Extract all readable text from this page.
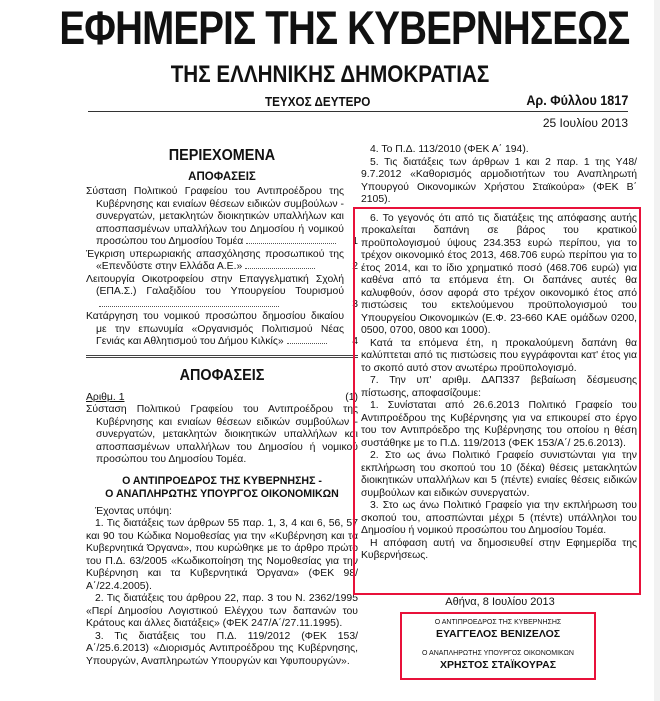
ΕΦΗΜΕΡΙΣ ΤΗΣ ΚΥΒΕΡΝΗΣΕΩΣ
ΤΗΣ ΕΛΛΗΝΙΚΗΣ ΔΗΜΟΚΡΑΤΙΑΣ
ΤΕΥΧΟΣ ΔΕΥΤΕΡΟ	Αρ. Φύλλου 1817
25 Ιουλίου 2013
ΠΕΡΙΕΧΟΜΕΝΑ
ΑΠΟΦΑΣΕΙΣ
Σύσταση Πολιτικού Γραφείου του Αντιπροέδρου της Κυβέρνησης και ενιαίων θέσεων ειδικών συμβούλων - συνεργατών, μετακλητών διοικητικών υπαλλήλων και αποσπασμένων υπαλλήλων του Δημοσίου ή νομικού προσώπου του Δημοσίου Τομέα	1
Έγκριση υπερωριακής απασχόλησης προσωπικού της «Επενδύστε στην Ελλάδα Α.Ε.»	2
Λειτουργία Οικοτροφείου στην Επαγγελματική Σχολή (ΕΠΑ.Σ.) Γαλαξιδίου του Υπουργείου Τουρισμού
3
Κατάργηση του νομικού προσώπου δημοσίου δικαίου με την επωνυμία «Οργανισμός Πολιτισμού Νέας Γενιάς και Αθλητισμού του Δήμου Κιλκίς»	4
ΑΠΟΦΑΣΕΙΣ
Αριθμ. 1	(1)

Σύσταση Πολιτικού Γραφείου του Αντιπροέδρου της Κυβέρνησης και ενιαίων θέσεων ειδικών συμβούλων - συνεργατών, μετακλητών διοικητικών υπαλλήλων και αποσπασμένων υπαλλήλων του Δημοσίου ή νομικού προσώπου του Δημοσίου Τομέα.

Ο ΑΝΤΙΠΡΟΕΔΡΟΣ ΤΗΣ ΚΥΒΕΡΝΗΣΗΣ -
Ο ΑΝΑΠΛΗΡΩΤΗΣ ΥΠΟΥΡΓΟΣ ΟΙΚΟΝΟΜΙΚΩΝ

Έχοντας υπόψη:

1. Τις διατάξεις των άρθρων 55 παρ. 1, 3, 4 και 6, 56, 57 και 90 του Κώδικα Νομοθεσίας για την «Κυβέρνηση και τα Κυβερνητικά Όργανα», που κυρώθηκε με το άρθρο πρώτο του Π.Δ. 63/2005 «Κωδικοποίηση της Νομοθεσίας για την Κυβέρνηση και τα Κυβερνητικά Όργανα» (ΦΕΚ 98/Α΄/22.4.2005).

2. Τις διατάξεις του άρθρου 22, παρ. 3 του Ν. 2362/1995 «Περί Δημοσίου Λογιστικού Ελέγχου των δαπανών του Κράτους και άλλες διατάξεις» (ΦΕΚ 247/Α΄/27.11.1995).

3. Τις διατάξεις του Π.Δ. 119/2012 (ΦΕΚ 153/Α΄/25.6.2013) «Διορισμός Αντιπροέδρου της Κυβέρνησης, Υπουργών, Αναπληρωτών Υπουργών και Υφυπουργών».

4. Το Π.Δ. 113/2010 (ΦΕΚ Α΄ 194).

5. Τις διατάξεις των άρθρων 1 και 2 παρ. 1 της Υ48/ 9.7.2012 «Καθορισμός αρμοδιοτήτων του Αναπληρωτή Υπουργού Οικονομικών Χρήστου Σταϊκούρα» (ΦΕΚ Β΄ 2105).

6. Το γεγονός ότι από τις διατάξεις της απόφασης αυτής προκαλείται δαπάνη σε βάρος του κρατικού προϋπολογισμού ύψους 234.353 ευρώ περίπου, για το τρέχον οικονομικό έτος 2013, 468.706 ευρώ περίπου για το έτος 2014, και το ίδιο χρηματικό ποσό (468.706 ευρώ) για καθένα από τα επόμενα έτη. Οι δαπάνες αυτές θα καλυφθούν, όσον αφορά στο τρέχον οικονομικό έτος από πιστώσεις του εκτελούμενου προϋπολογισμού του Υπουργείου Οικονομικών (Ε.Φ. 23-660 ΚΑΕ ομάδων 0200, 0500, 0700, 0800 και 1000).

Κατά τα επόμενα έτη, η προκαλούμενη δαπάνη θα καλύπτεται από τις πιστώσεις που εγγράφονται κατ' έτος για το σκοπό αυτό στον ανωτέρω προϋπολογισμό.

7. Την υπ' αριθμ. ΔΑΠ337 βεβαίωση δέσμευσης πίστωσης, αποφασίζουμε:

1. Συνίσταται από 26.6.2013 Πολιτικό Γραφείο του Αντιπροέδρου της Κυβέρνησης για να επικουρεί στο έργο του τον Αντιπρόεδρο της Κυβέρνησης του οποίου η θέση συστάθηκε με το Π.Δ. 119/2013 (ΦΕΚ 153/Α΄/ 25.6.2013).

2. Στο ως άνω Πολιτικό Γραφείο συνιστώνται για την εκπλήρωση του σκοπού του 10 (δέκα) θέσεις μετακλητών διοικητικών υπαλλήλων και 5 (πέντε) ενιαίες θέσεις ειδικών συμβούλων και ειδικών συνεργατών.

3. Στο ως άνω Πολιτικό Γραφείο για την εκπλήρωση του σκοπού του, αποσπώνται μέχρι 5 (πέντε) υπάλληλοι του Δημοσίου ή νομικού προσώπου του Δημοσίου Τομέα.

Η απόφαση αυτή να δημοσιευθεί στην Εφημερίδα της Κυβερνήσεως.

Αθήνα, 8 Ιουλίου 2013
Ο ΑΝΤΙΠΡΟΕΔΡΟΣ ΤΗΣ ΚΥΒΕΡΝΗΣΗΣ
ΕΥΑΓΓΕΛΟΣ ΒΕΝΙΖΕΛΟΣ
Ο ΑΝΑΠΛΗΡΩΤΗΣ ΥΠΟΥΡΓΟΣ ΟΙΚΟΝΟΜΙΚΩΝ
ΧΡΗΣΤΟΣ ΣΤΑΪΚΟΥΡΑΣ
